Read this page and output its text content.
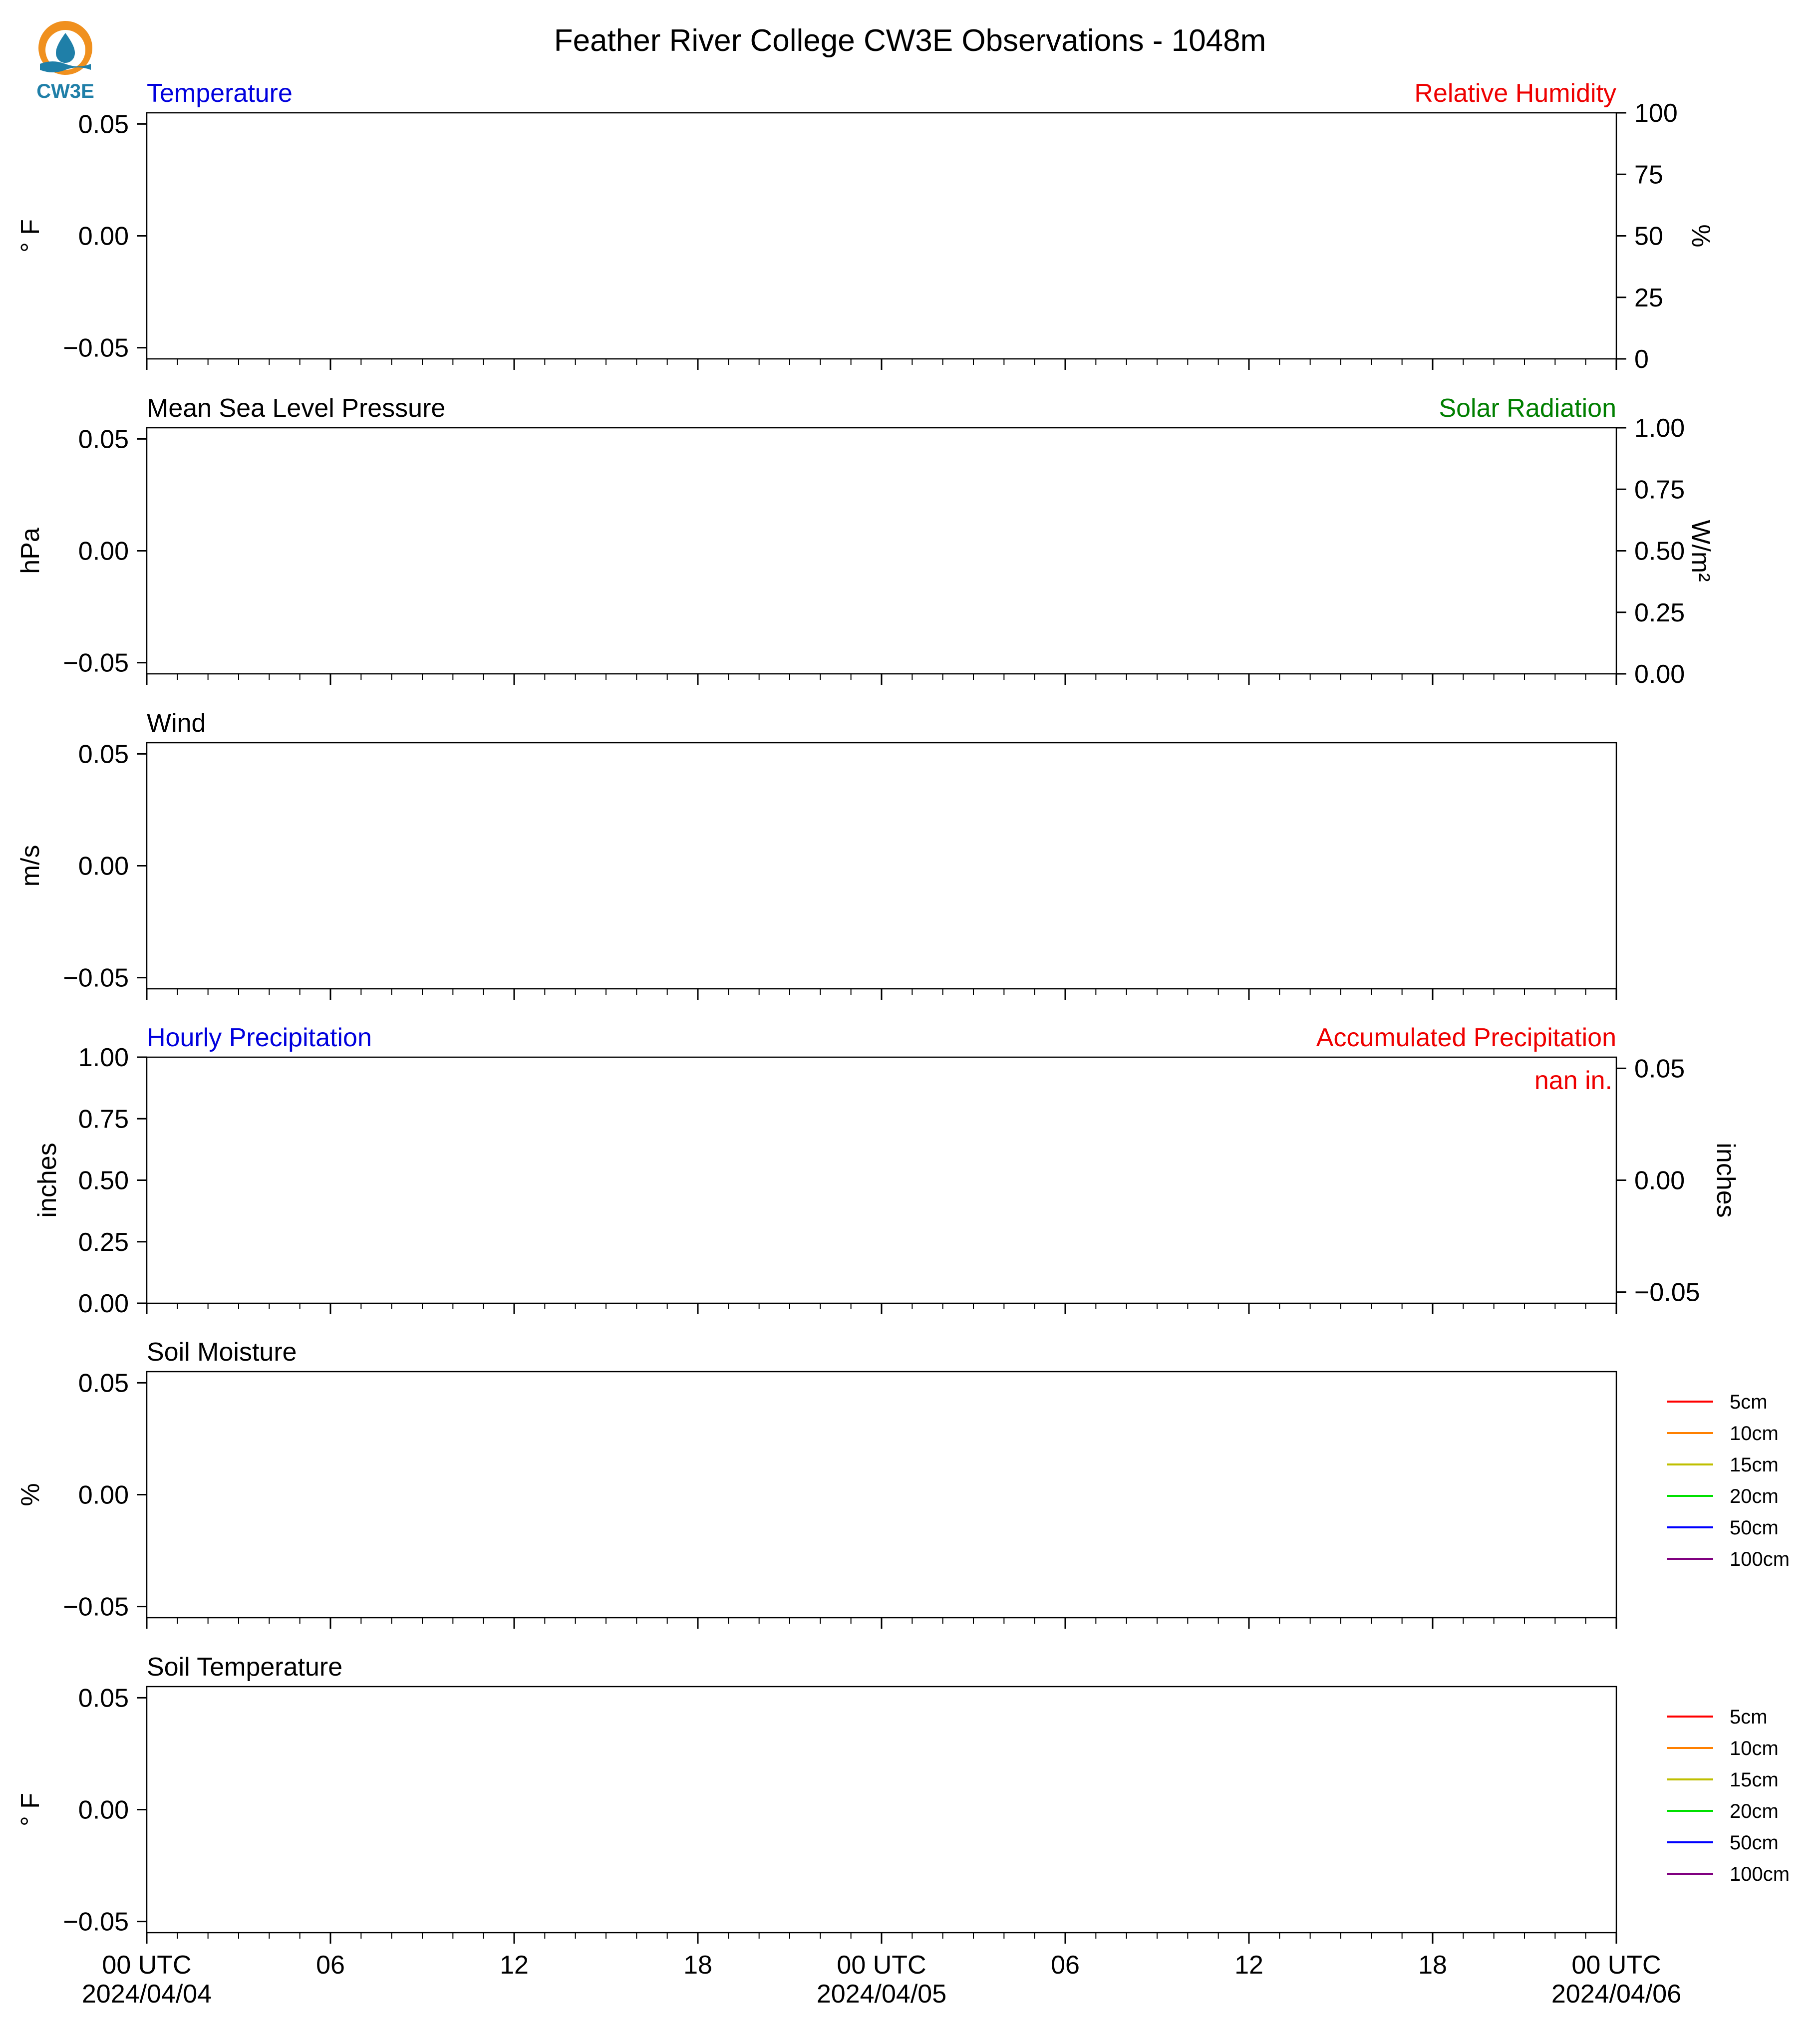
CW3E
Feather River College CW3E Observations - 1048m
0.05
0.00
−0.05
100
75
50
25
0
Temperature	Relative Humidity
° F	%
0.05
0.00
−0.05
1.00
0.75
0.50
0.25
0.00
Mean Sea Level Pressure	Solar Radiation
hPa	W/m²
0.05
0.00
−0.05
Wind
m/s
1.00
0.75
0.50
0.25
0.00
0.05
0.00
−0.05
Hourly Precipitation	Accumulated Precipitation
inches	inches
nan in.
0.05
0.00
−0.05
Soil Moisture
%
5cm
10cm
15cm
20cm
50cm
100cm
0.05
0.00
−0.05
Soil Temperature
° F
5cm
10cm
15cm
20cm
50cm
100cm
00 UTC
2024/04/04
06	12	18	00 UTC
2024/04/05
06	12	18	00 UTC
2024/04/06
